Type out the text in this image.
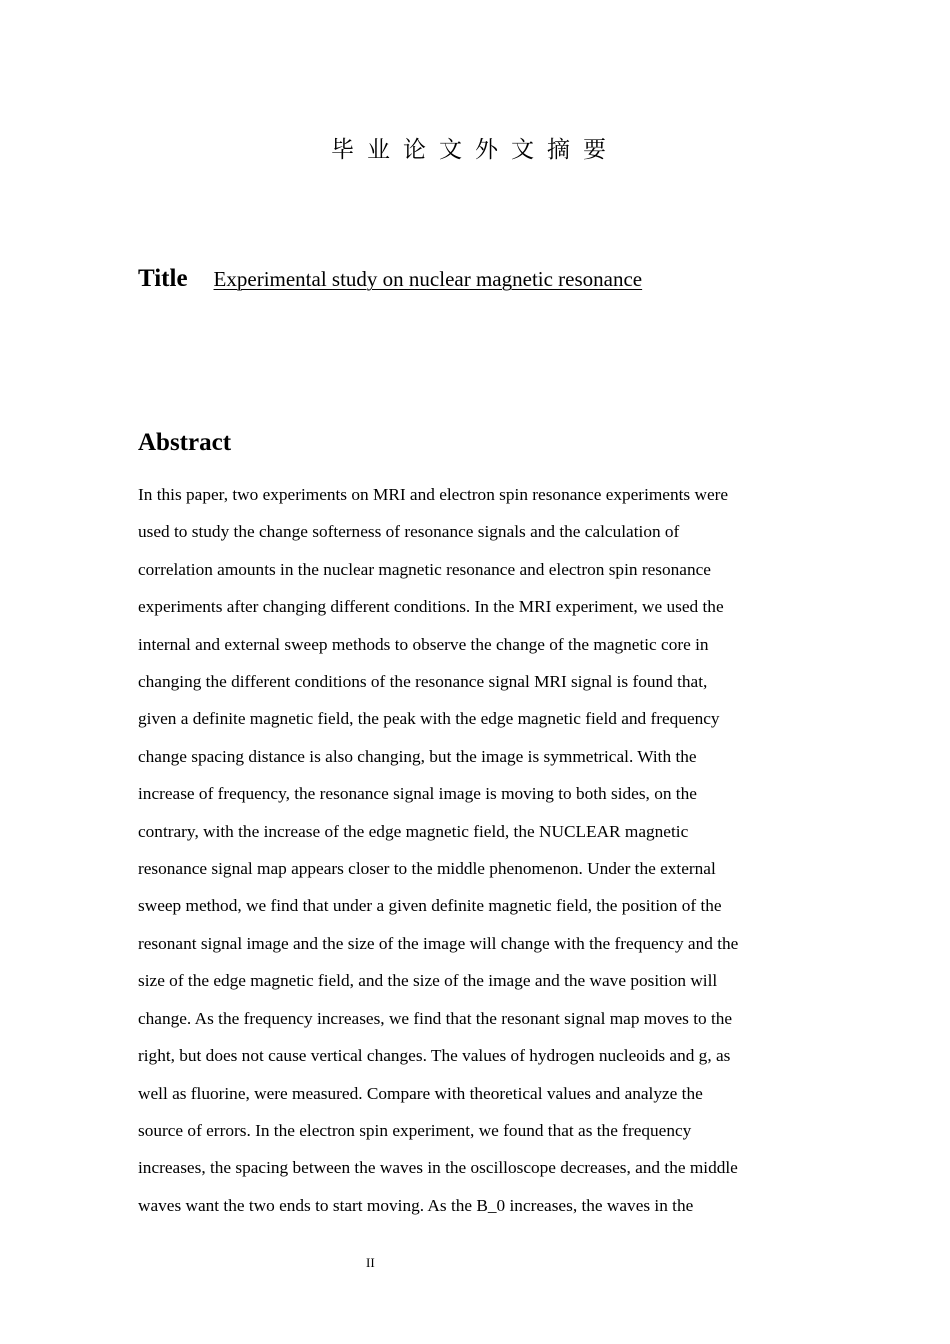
毕业论文外文摘要
Title Experimental study on nuclear magnetic resonance
Abstract
In this paper, two experiments on MRI and electron spin resonance experiments were
used to study the change softerness of resonance signals and the calculation of
correlation amounts in the nuclear magnetic resonance and electron spin resonance
experiments after changing different conditions. In the MRI experiment, we used the
internal and external sweep methods to observe the change of the magnetic core in
changing the different conditions of the resonance signal MRI signal is found that,
given a definite magnetic field, the peak with the edge magnetic field and frequency
change spacing distance is also changing, but the image is symmetrical. With the
increase of frequency, the resonance signal image is moving to both sides, on the
contrary, with the increase of the edge magnetic field, the NUCLEAR magnetic
resonance signal map appears closer to the middle phenomenon. Under the external
sweep method, we find that under a given definite magnetic field, the position of the
resonant signal image and the size of the image will change with the frequency and the
size of the edge magnetic field, and the size of the image and the wave position will
change. As the frequency increases, we find that the resonant signal map moves to the
right, but does not cause vertical changes. The values of hydrogen nucleoids and g, as
well as fluorine, were measured. Compare with theoretical values and analyze the
source of errors. In the electron spin experiment, we found that as the frequency
increases, the spacing between the waves in the oscilloscope decreases, and the middle
waves want the two ends to start moving. As the B_0 increases, the waves in the
II
